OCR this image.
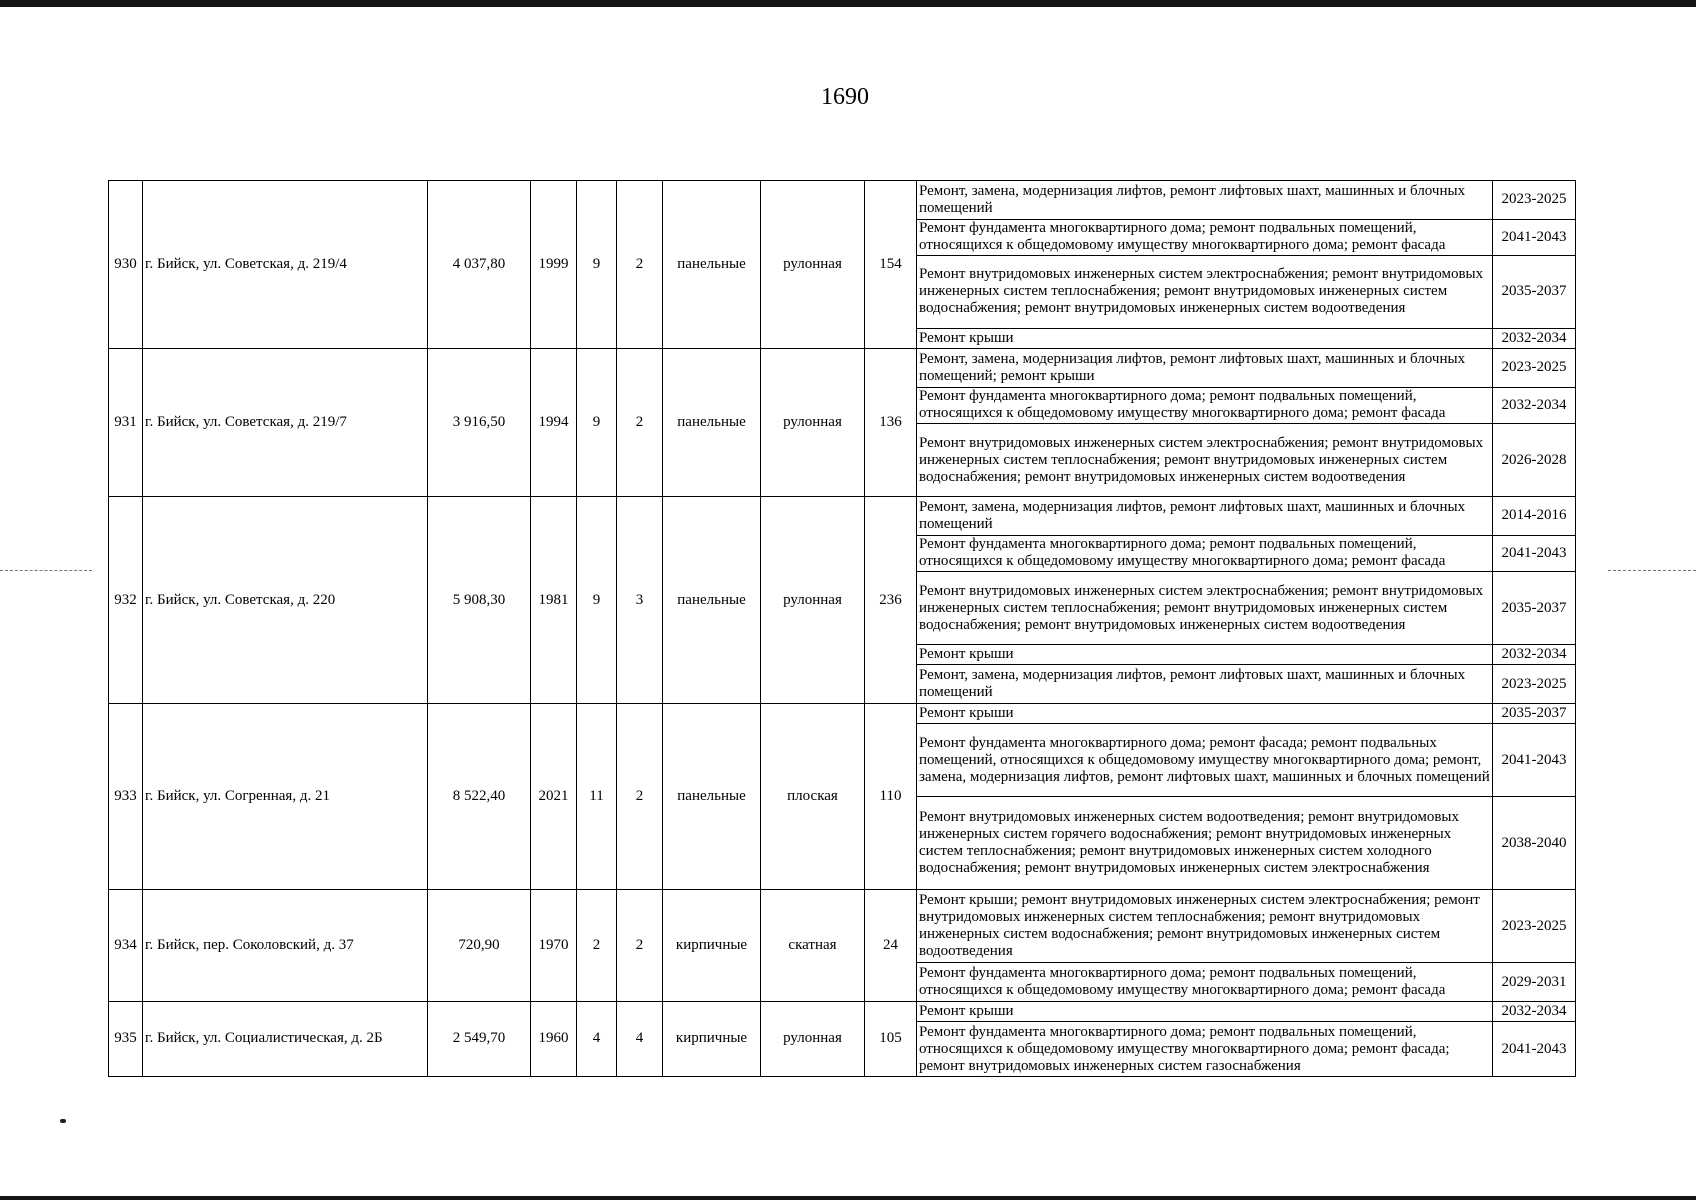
1690
930	г. Бийск, ул. Советская, д. 219/4	4 037,80	1999	9	2	панельные	рулонная	154	Ремонт, замена, модернизация лифтов, ремонт лифтовых шахт, машинных и блочных помещений	2023-2025
									Ремонт фундамента многоквартирного дома; ремонт подвальных помещений, относящихся к общедомовому имуществу многоквартирного дома; ремонт фасада	2041-2043
									Ремонт внутридомовых инженерных систем электроснабжения; ремонт внутридомовых инженерных систем теплоснабжения; ремонт внутридомовых инженерных систем водоснабжения; ремонт внутридомовых инженерных систем водоотведения	2035-2037
									Ремонт крыши	2032-2034
931	г. Бийск, ул. Советская, д. 219/7	3 916,50	1994	9	2	панельные	рулонная	136	Ремонт, замена, модернизация лифтов, ремонт лифтовых шахт, машинных и блочных помещений; ремонт крыши	2023-2025
									Ремонт фундамента многоквартирного дома; ремонт подвальных помещений, относящихся к общедомовому имуществу многоквартирного дома; ремонт фасада	2032-2034
									Ремонт внутридомовых инженерных систем электроснабжения; ремонт внутридомовых инженерных систем теплоснабжения; ремонт внутридомовых инженерных систем водоснабжения; ремонт внутридомовых инженерных систем водоотведения	2026-2028
932	г. Бийск, ул. Советская, д. 220	5 908,30	1981	9	3	панельные	рулонная	236	Ремонт, замена, модернизация лифтов, ремонт лифтовых шахт, машинных и блочных помещений	2014-2016
									Ремонт фундамента многоквартирного дома; ремонт подвальных помещений, относящихся к общедомовому имуществу многоквартирного дома; ремонт фасада	2041-2043
									Ремонт внутридомовых инженерных систем электроснабжения; ремонт внутридомовых инженерных систем теплоснабжения; ремонт внутридомовых инженерных систем водоснабжения; ремонт внутридомовых инженерных систем водоотведения	2035-2037
									Ремонт крыши	2032-2034
									Ремонт, замена, модернизация лифтов, ремонт лифтовых шахт, машинных и блочных помещений	2023-2025
933	г. Бийск, ул. Согренная, д. 21	8 522,40	2021	11	2	панельные	плоская	110	Ремонт крыши	2035-2037
									Ремонт фундамента многоквартирного дома; ремонт фасада; ремонт подвальных помещений, относящихся к общедомовому имуществу многоквартирного дома; ремонт, замена, модернизация лифтов, ремонт лифтовых шахт, машинных и блочных помещений	2041-2043
									Ремонт внутридомовых инженерных систем водоотведения; ремонт внутридомовых инженерных систем горячего водоснабжения; ремонт внутридомовых инженерных систем теплоснабжения; ремонт внутридомовых инженерных систем холодного водоснабжения; ремонт внутридомовых инженерных систем электроснабжения	2038-2040
934	г. Бийск, пер. Соколовский, д. 37	720,90	1970	2	2	кирпичные	скатная	24	Ремонт крыши; ремонт внутридомовых инженерных систем электроснабжения; ремонт внутридомовых инженерных систем теплоснабжения; ремонт внутридомовых инженерных систем водоснабжения; ремонт внутридомовых инженерных систем водоотведения	2023-2025
									Ремонт фундамента многоквартирного дома; ремонт подвальных помещений, относящихся к общедомовому имуществу многоквартирного дома; ремонт фасада	2029-2031
935	г. Бийск, ул. Социалистическая, д. 2Б	2 549,70	1960	4	4	кирпичные	рулонная	105	Ремонт крыши	2032-2034
									Ремонт фундамента многоквартирного дома; ремонт подвальных помещений, относящихся к общедомовому имуществу многоквартирного дома; ремонт фасада; ремонт внутридомовых инженерных систем газоснабжения	2041-2043
